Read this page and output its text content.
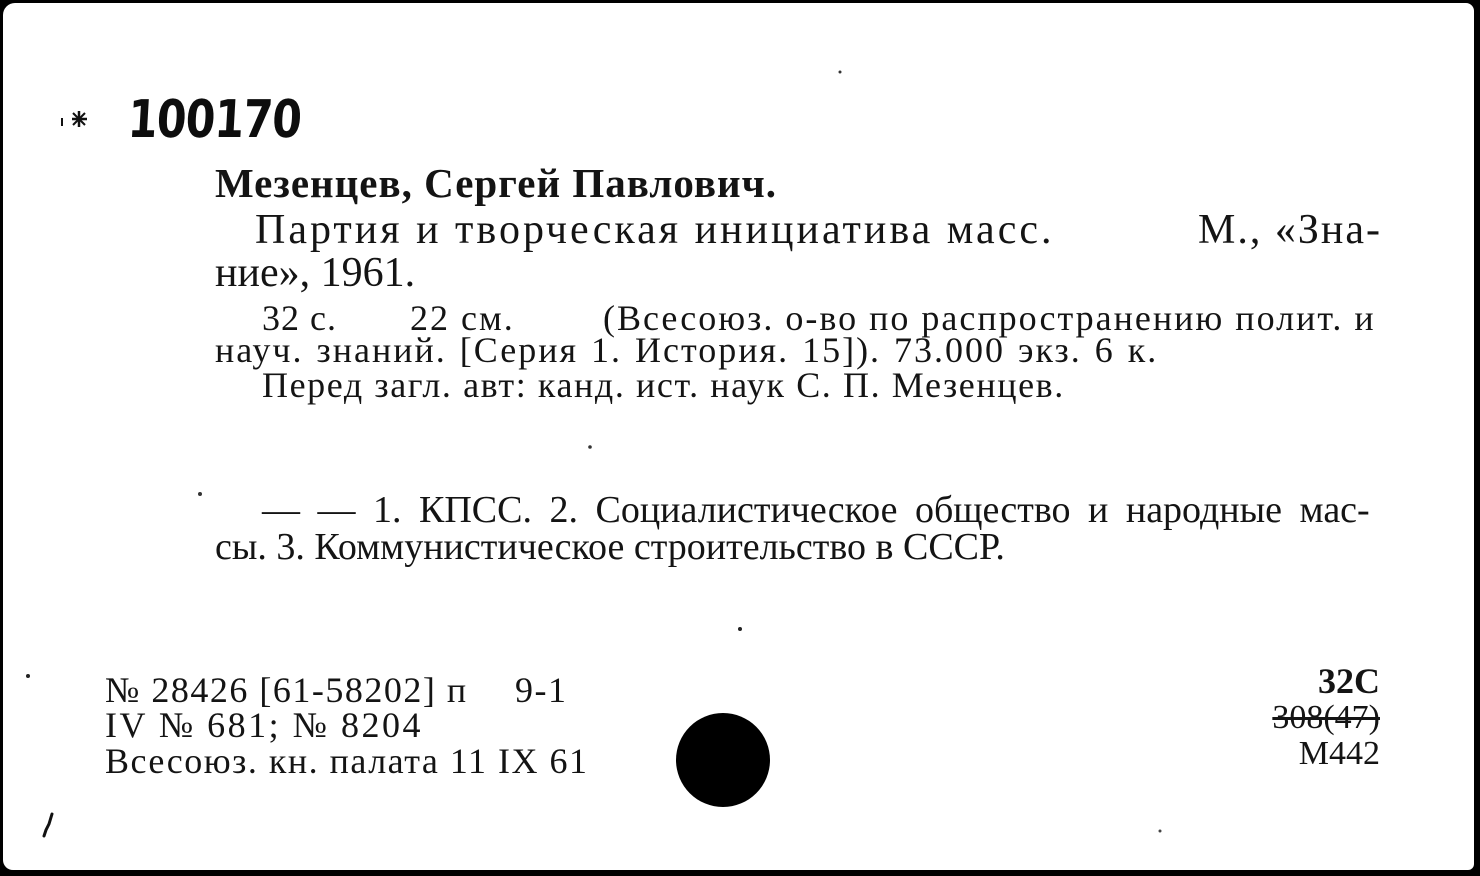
100170
Мезенцев, Сергей Павлович.
Партия и творческая инициатива масс.	М., «Зна-
ние», 1961.
32 с. 22 см. (Всесоюз. о-во по распространению полит. и
науч. знаний. [Серия 1. История. 15]). 73.000 экз. 6 к.
Перед загл. авт: канд. ист. наук С. П. Мезенцев.
— — 1. КПСС. 2. Социалистическое общество и народные мас-
сы. 3. Коммунистическое строительство в СССР.
№ 28426 [61-58202] п 9-1
IV № 681; № 8204
Всесоюз. кн. палата 11 IX 61
32С
308(47)
М442
